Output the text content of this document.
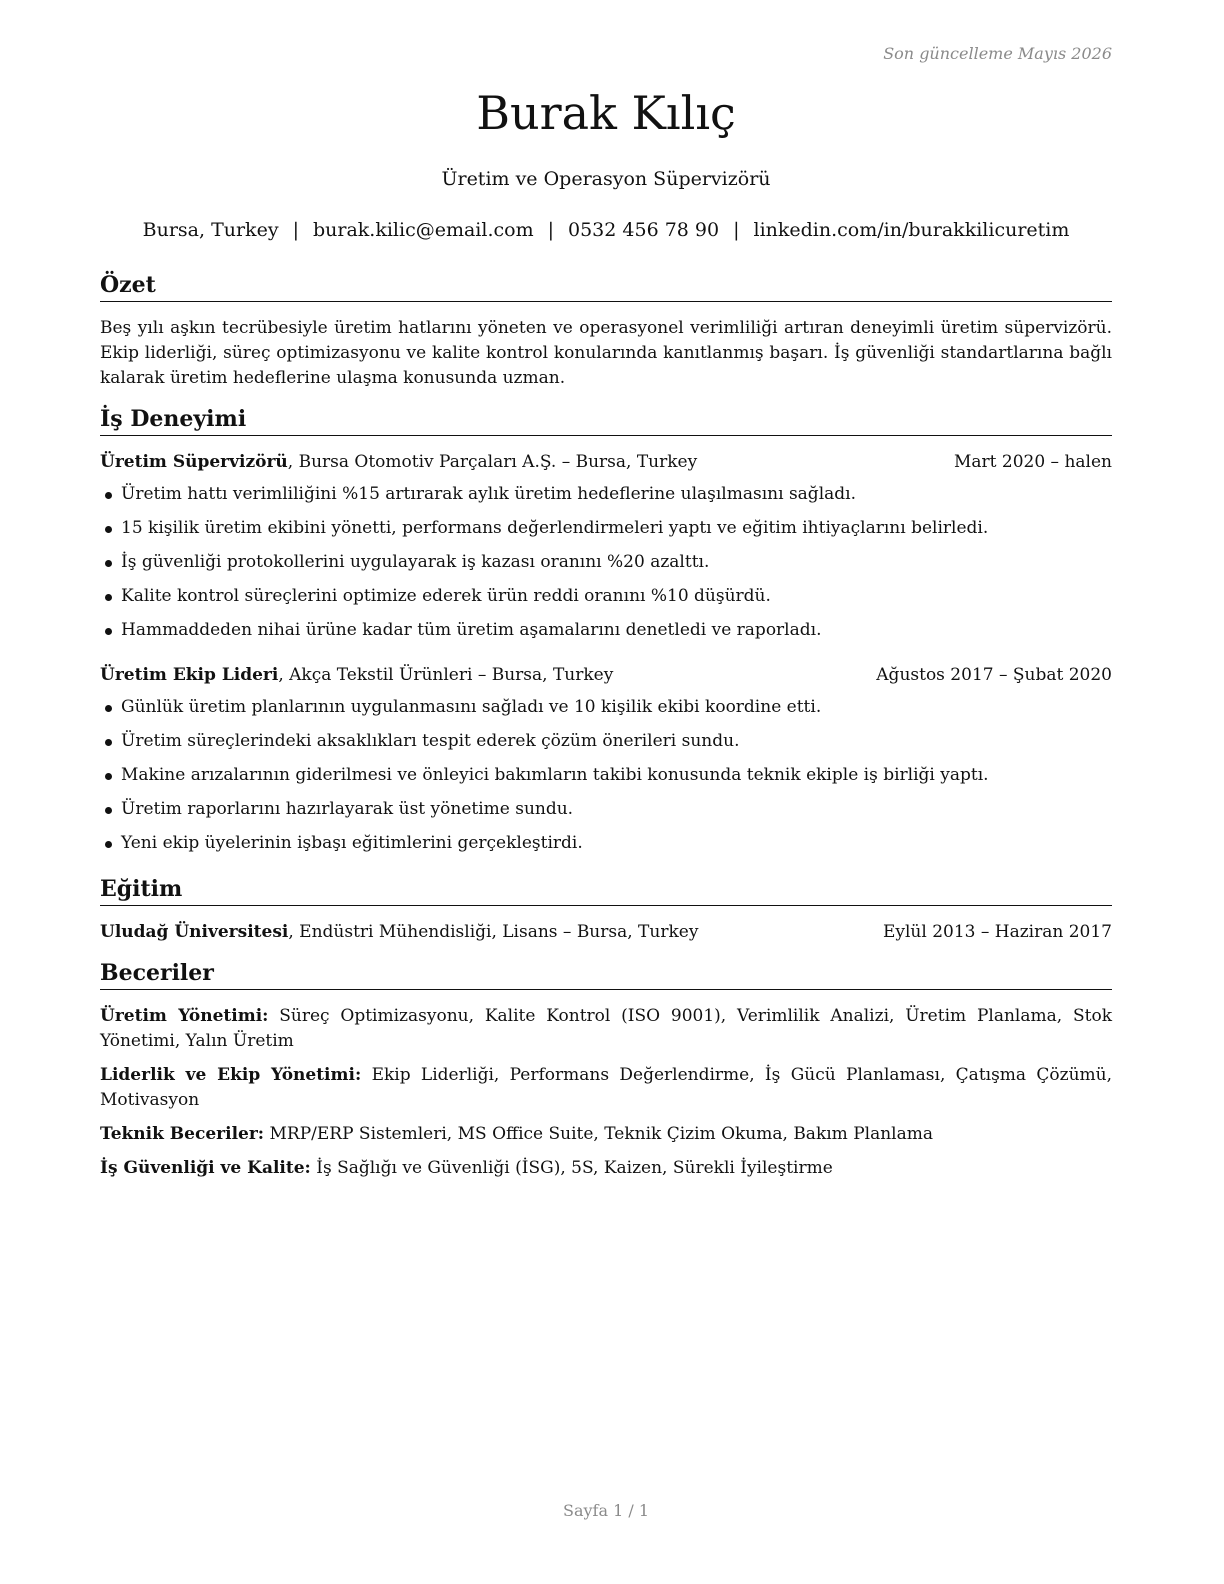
Son güncelleme Mayıs 2026
Burak Kılıç
Üretim ve Operasyon Süpervizörü
Bursa, Turkey | burak.kilic@email.com | 0532 456 78 90 | linkedin.com/in/burakkilicuretim
Özet

Beş yılı aşkın tecrübesiyle üretim hatlarını yöneten ve operasyonel verimliliği artıran deneyimli üretim süpervizörü. Ekip liderliği, süreç optimizasyonu ve kalite kontrol konularında kanıtlanmış başarı. İş güvenliği standartlarına bağlı kalarak üretim hedeflerine ulaşma konusunda uzman.

İş Deneyimi
Üretim Süpervizörü, Bursa Otomotiv Parçaları A.Ş. – Bursa, Turkey	Mart 2020 – halen
Üretim hattı verimliliğini %15 artırarak aylık üretim hedeflerine ulaşılmasını sağladı.
15 kişilik üretim ekibini yönetti, performans değerlendirmeleri yaptı ve eğitim ihtiyaçlarını belirledi.
İş güvenliği protokollerini uygulayarak iş kazası oranını %20 azalttı.
Kalite kontrol süreçlerini optimize ederek ürün reddi oranını %10 düşürdü.
Hammaddeden nihai ürüne kadar tüm üretim aşamalarını denetledi ve raporladı.
Üretim Ekip Lideri, Akça Tekstil Ürünleri – Bursa, Turkey	Ağustos 2017 – Şubat 2020
Günlük üretim planlarının uygulanmasını sağladı ve 10 kişilik ekibi koordine etti.
Üretim süreçlerindeki aksaklıkları tespit ederek çözüm önerileri sundu.
Makine arızalarının giderilmesi ve önleyici bakımların takibi konusunda teknik ekiple iş birliği yaptı.
Üretim raporlarını hazırlayarak üst yönetime sundu.
Yeni ekip üyelerinin işbaşı eğitimlerini gerçekleştirdi.
Eğitim
Uludağ Üniversitesi, Endüstri Mühendisliği, Lisans – Bursa, Turkey	Eylül 2013 – Haziran 2017
Beceriler

Üretim Yönetimi: Süreç Optimizasyonu, Kalite Kontrol (ISO 9001), Verimlilik Analizi, Üretim Planlama, Stok Yönetimi, Yalın Üretim

Liderlik ve Ekip Yönetimi: Ekip Liderliği, Performans Değerlendirme, İş Gücü Planlaması, Çatışma Çözümü, Motivasyon

Teknik Beceriler: MRP/ERP Sistemleri, MS Office Suite, Teknik Çizim Okuma, Bakım Planlama

İş Güvenliği ve Kalite: İş Sağlığı ve Güvenliği (İSG), 5S, Kaizen, Sürekli İyileştirme

Sayfa 1 / 1
